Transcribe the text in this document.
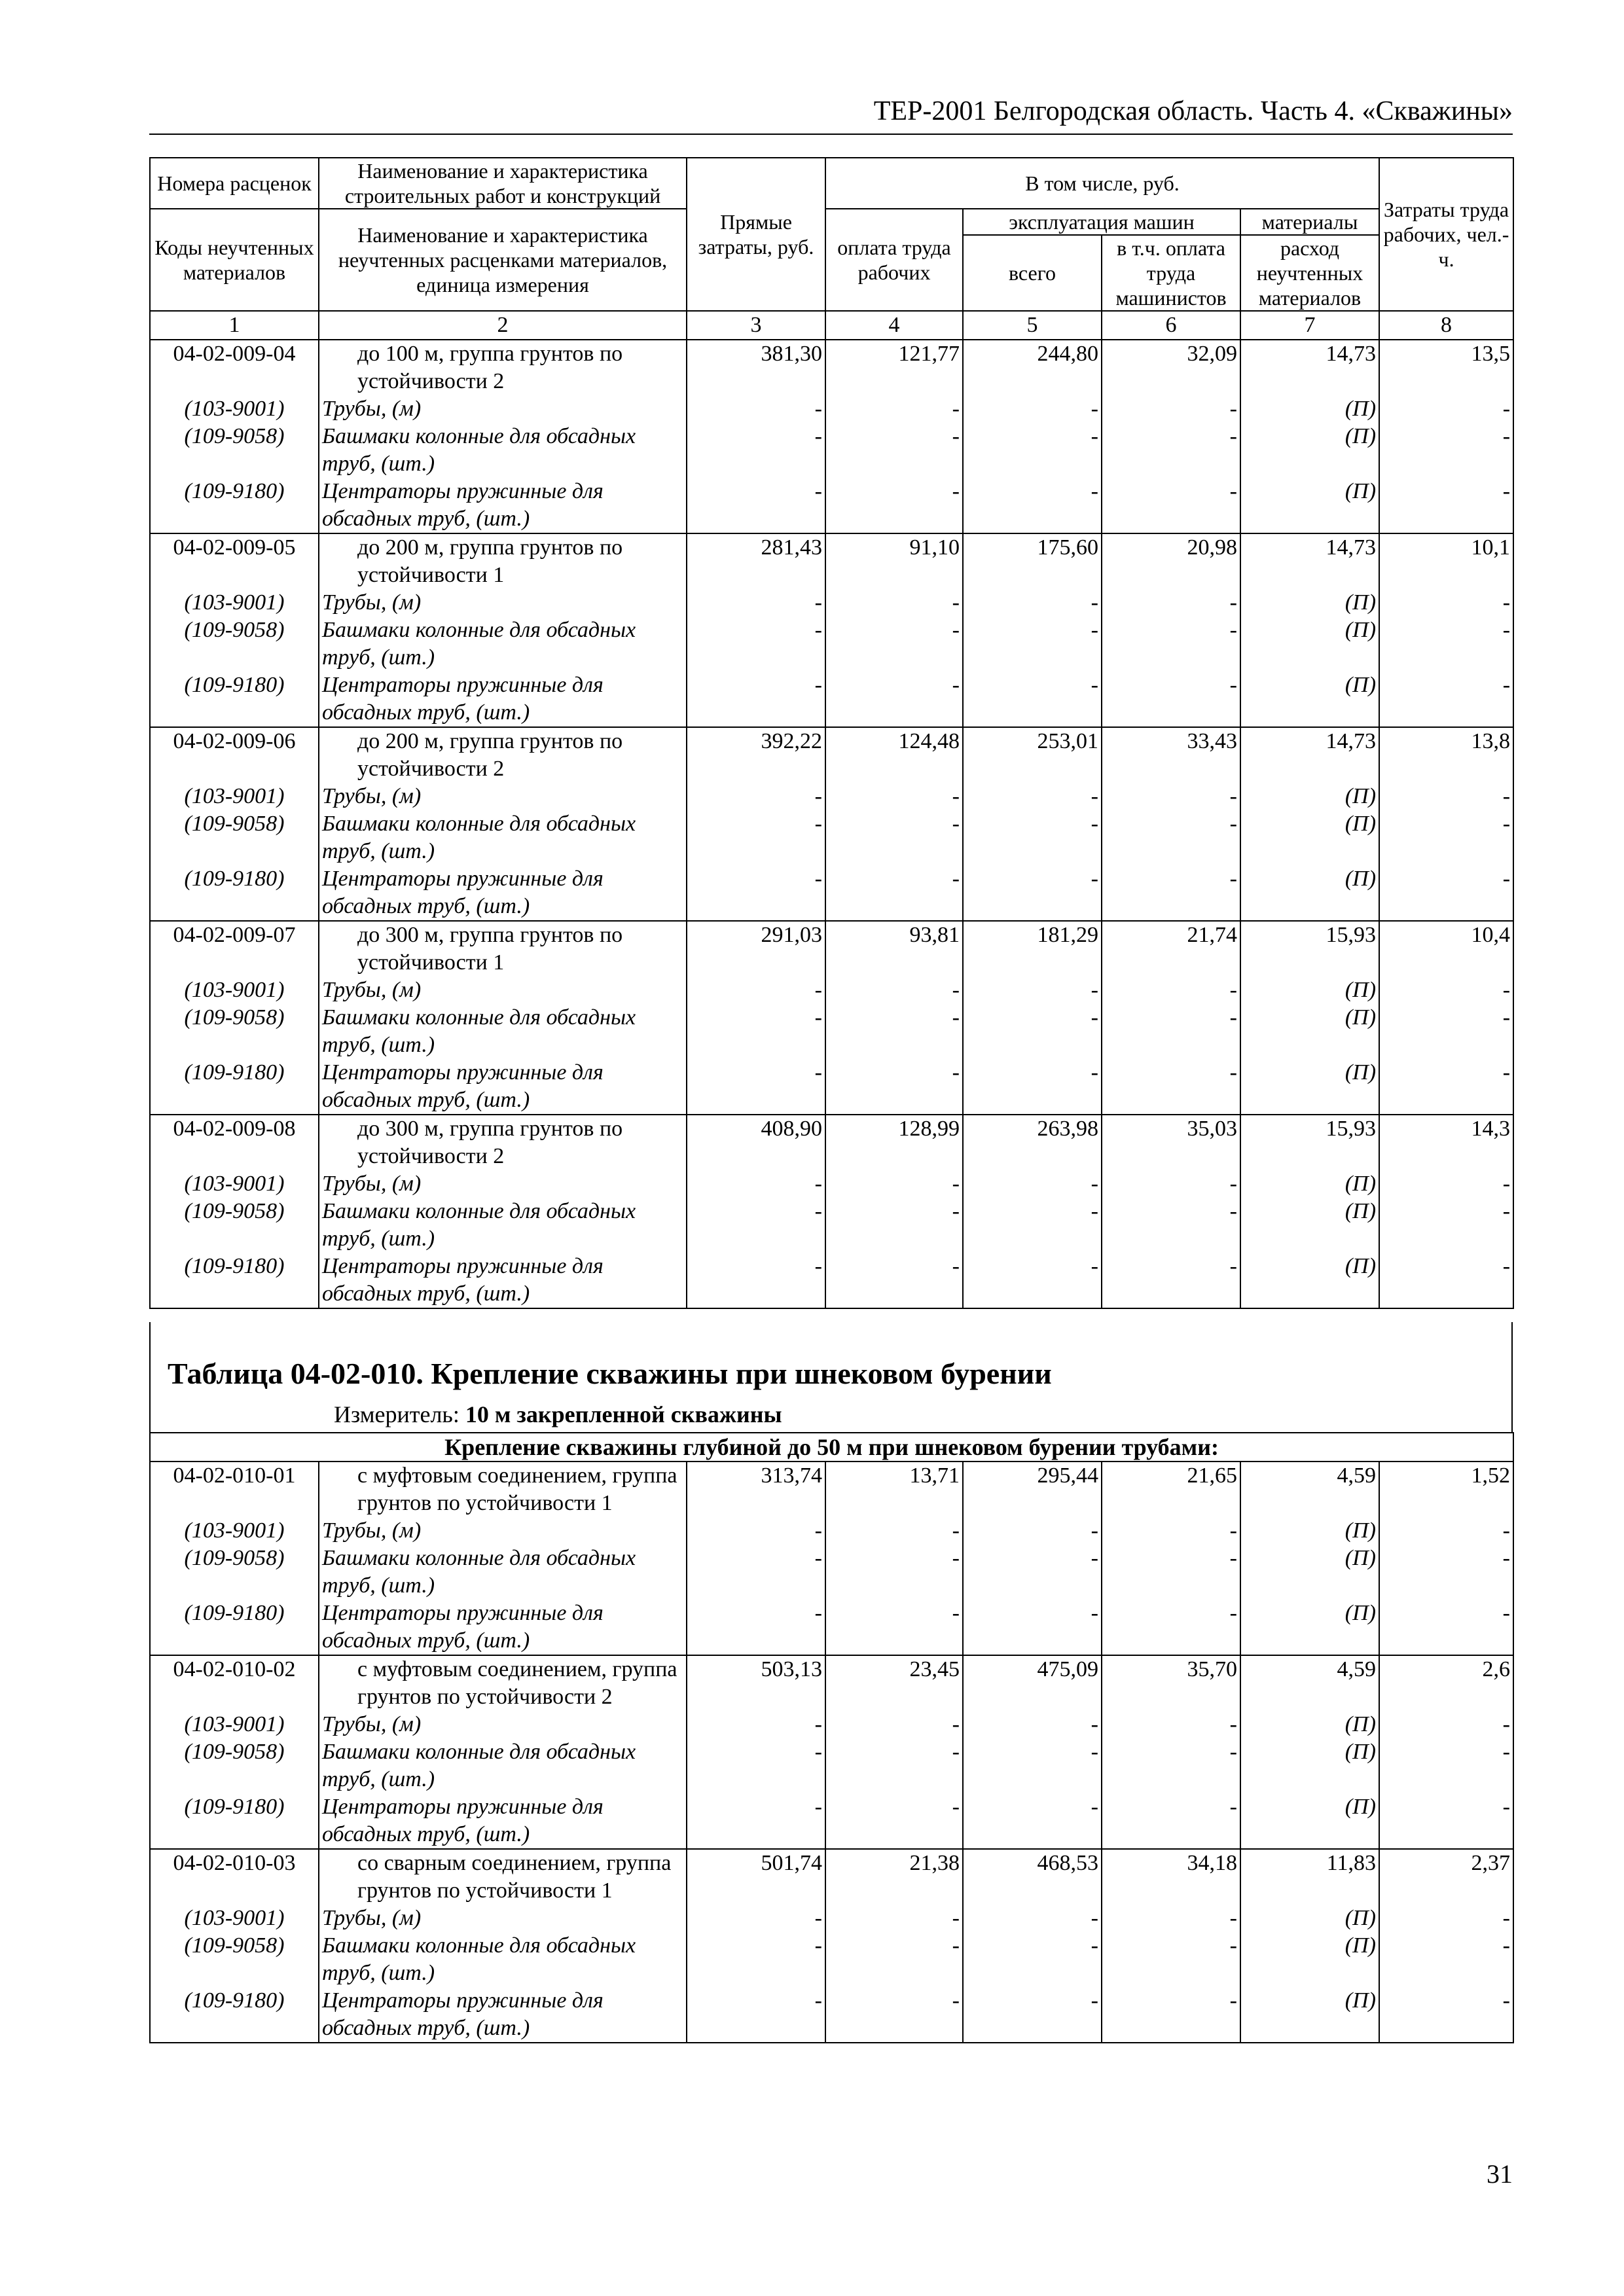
ТЕР-2001 Белгородская область. Часть 4. «Скважины»
Номера расценок	Наименование и характеристика строительных работ и конструкций	Прямые затраты, руб.	В том числе, руб.				Затраты труда рабочих, чел.-ч.
Коды неучтенных материалов	Наименование и характеристика неучтенных расценками материалов, единица измерения		оплата труда рабочих	эксплуатация машин		материалы	
				всего	в т.ч. оплата труда машинистов	расход неучтенных материалов	
1	2	3	4	5	6	7	8
04-02-009-04	до 100 м, группа грунтов по устойчивости 2	381,30	121,77	244,80	32,09	14,73	13,5
(103-9001)	Трубы, (м)	-	-	-	-	(П)	-
(109-9058)	Башмаки колонные для обсадных труб, (шт.)	-	-	-	-	(П)	-
(109-9180)	Центраторы пружинные для обсадных труб, (шт.)	-	-	-	-	(П)	-
04-02-009-05	до 200 м, группа грунтов по устойчивости 1	281,43	91,10	175,60	20,98	14,73	10,1
(103-9001)	Трубы, (м)	-	-	-	-	(П)	-
(109-9058)	Башмаки колонные для обсадных труб, (шт.)	-	-	-	-	(П)	-
(109-9180)	Центраторы пружинные для обсадных труб, (шт.)	-	-	-	-	(П)	-
04-02-009-06	до 200 м, группа грунтов по устойчивости 2	392,22	124,48	253,01	33,43	14,73	13,8
(103-9001)	Трубы, (м)	-	-	-	-	(П)	-
(109-9058)	Башмаки колонные для обсадных труб, (шт.)	-	-	-	-	(П)	-
(109-9180)	Центраторы пружинные для обсадных труб, (шт.)	-	-	-	-	(П)	-
04-02-009-07	до 300 м, группа грунтов по устойчивости 1	291,03	93,81	181,29	21,74	15,93	10,4
(103-9001)	Трубы, (м)	-	-	-	-	(П)	-
(109-9058)	Башмаки колонные для обсадных труб, (шт.)	-	-	-	-	(П)	-
(109-9180)	Центраторы пружинные для обсадных труб, (шт.)	-	-	-	-	(П)	-
04-02-009-08	до 300 м, группа грунтов по устойчивости 2	408,90	128,99	263,98	35,03	15,93	14,3
(103-9001)	Трубы, (м)	-	-	-	-	(П)	-
(109-9058)	Башмаки колонные для обсадных труб, (шт.)	-	-	-	-	(П)	-
(109-9180)	Центраторы пружинные для обсадных труб, (шт.)	-	-	-	-	(П)	-
Таблица 04-02-010. Крепление скважины при шнековом бурении
Измеритель: 10 м закрепленной скважины
Крепление скважины глубиной до 50 м при шнековом бурении трубами:							
04-02-010-01	с муфтовым соединением, группа грунтов по устойчивости 1	313,74	13,71	295,44	21,65	4,59	1,52
(103-9001)	Трубы, (м)	-	-	-	-	(П)	-
(109-9058)	Башмаки колонные для обсадных труб, (шт.)	-	-	-	-	(П)	-
(109-9180)	Центраторы пружинные для обсадных труб, (шт.)	-	-	-	-	(П)	-
04-02-010-02	с муфтовым соединением, группа грунтов по устойчивости 2	503,13	23,45	475,09	35,70	4,59	2,6
(103-9001)	Трубы, (м)	-	-	-	-	(П)	-
(109-9058)	Башмаки колонные для обсадных труб, (шт.)	-	-	-	-	(П)	-
(109-9180)	Центраторы пружинные для обсадных труб, (шт.)	-	-	-	-	(П)	-
04-02-010-03	со сварным соединением, группа грунтов по устойчивости 1	501,74	21,38	468,53	34,18	11,83	2,37
(103-9001)	Трубы, (м)	-	-	-	-	(П)	-
(109-9058)	Башмаки колонные для обсадных труб, (шт.)	-	-	-	-	(П)	-
(109-9180)	Центраторы пружинные для обсадных труб, (шт.)	-	-	-	-	(П)	-
31
